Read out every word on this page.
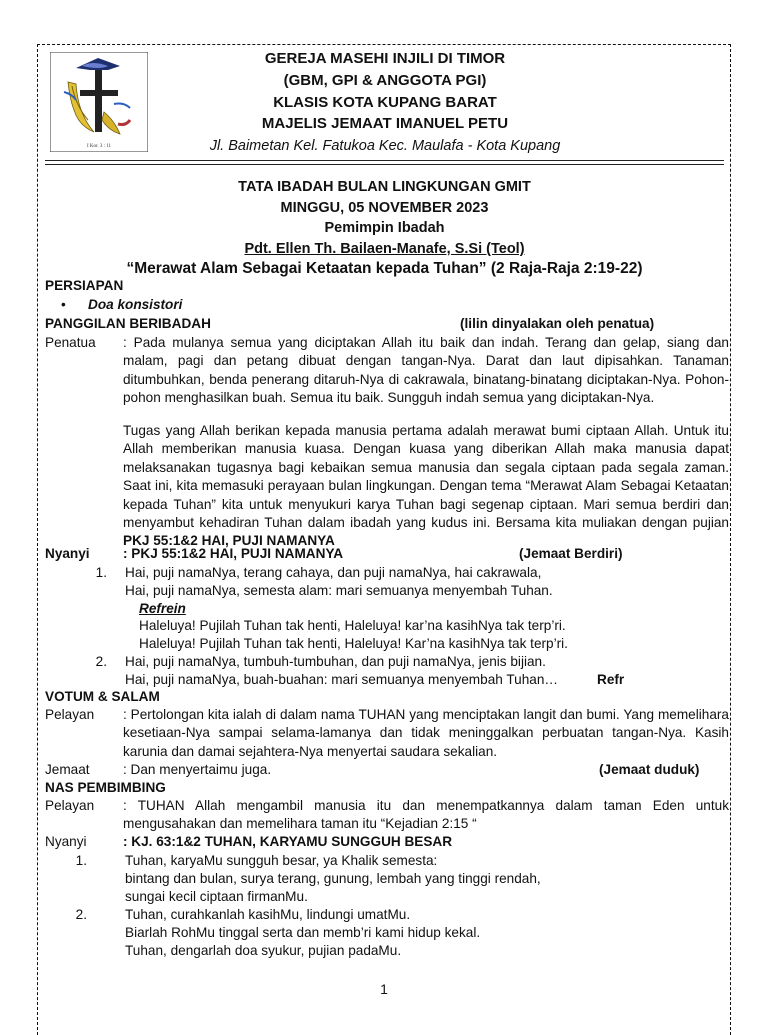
I Kor. 3 : 11
GEREJA MASEHI INJILI DI TIMOR
(GBM, GPI & ANGGOTA PGI)
KLASIS KOTA KUPANG BARAT
MAJELIS JEMAAT IMANUEL PETU
Jl. Baimetan Kel. Fatukoa Kec. Maulafa - Kota Kupang
TATA IBADAH BULAN LINGKUNGAN GMIT
MINGGU, 05 NOVEMBER 2023
Pemimpin Ibadah
Pdt. Ellen Th. Bailaen-Manafe, S.Si (Teol)
“Merawat Alam Sebagai Ketaatan kepada Tuhan” (2 Raja-Raja 2:19-22)
PERSIAPAN
• Doa konsistori
PANGGILAN BERIBADAH	(lilin dinyalakan oleh penatua)
Penatua : Pada mulanya semua yang diciptakan Allah itu baik dan indah. Terang dan gelap, siang dan malam, pagi dan petang dibuat dengan tangan-Nya. Darat dan laut dipisahkan. Tanaman ditumbuhkan, benda penerang ditaruh-Nya di cakrawala, binatang-binatang diciptakan-Nya. Pohon-pohon menghasilkan buah. Semua itu baik. Sungguh indah semua yang diciptakan-Nya.
Tugas yang Allah berikan kepada manusia pertama adalah merawat bumi ciptaan Allah. Untuk itu Allah memberikan manusia kuasa. Dengan kuasa yang diberikan Allah maka manusia dapat melaksanakan tugasnya bagi kebaikan semua manusia dan segala ciptaan pada segala zaman. Saat ini, kita memasuki perayaan bulan lingkungan. Dengan tema “Merawat Alam Sebagai Ketaatan kepada Tuhan” kita untuk menyukuri karya Tuhan bagi segenap ciptaan. Mari semua berdiri dan menyambut kehadiran Tuhan dalam ibadah yang kudus ini. Bersama kita muliakan dengan pujian PKJ 55:1&2 HAI, PUJI NAMANYA
Nyanyi : PKJ 55:1&2 HAI, PUJI NAMANYA	(Jemaat Berdiri)
1. Hai, puji namaNya, terang cahaya, dan puji namaNya, hai cakrawala,
Hai, puji namaNya, semesta alam: mari semuanya menyembah Tuhan.
Refrein
Haleluya! Pujilah Tuhan tak henti, Haleluya! kar’na kasihNya tak terp’ri.
Haleluya! Pujilah Tuhan tak henti, Haleluya! Kar’na kasihNya tak terp’ri.
2. Hai, puji namaNya, tumbuh-tumbuhan, dan puji namaNya, jenis bijian.
Hai, puji namaNya, buah-buahan: mari semuanya menyembah Tuhan…	Refr
VOTUM & SALAM
Pelayan : Pertolongan kita ialah di dalam nama TUHAN yang menciptakan langit dan bumi. Yang memelihara kesetiaan-Nya sampai selama-lamanya dan tidak meninggalkan perbuatan tangan-Nya. Kasih karunia dan damai sejahtera-Nya menyertai saudara sekalian.
Jemaat : Dan menyertaimu juga.	(Jemaat duduk)
NAS PEMBIMBING
Pelayan : TUHAN Allah mengambil manusia itu dan menempatkannya dalam taman Eden untuk mengusahakan dan memelihara taman itu “Kejadian 2:15 “
Nyanyi	: KJ. 63:1&2 TUHAN, KARYAMU SUNGGUH BESAR
1.	Tuhan, karyaMu sungguh besar, ya Khalik semesta:
bintang dan bulan, surya terang, gunung, lembah yang tinggi rendah,
sungai kecil ciptaan firmanMu.
2.	Tuhan, curahkanlah kasihMu, lindungi umatMu.
Biarlah RohMu tinggal serta dan memb’ri kami hidup kekal.
Tuhan, dengarlah doa syukur, pujian padaMu.
1
